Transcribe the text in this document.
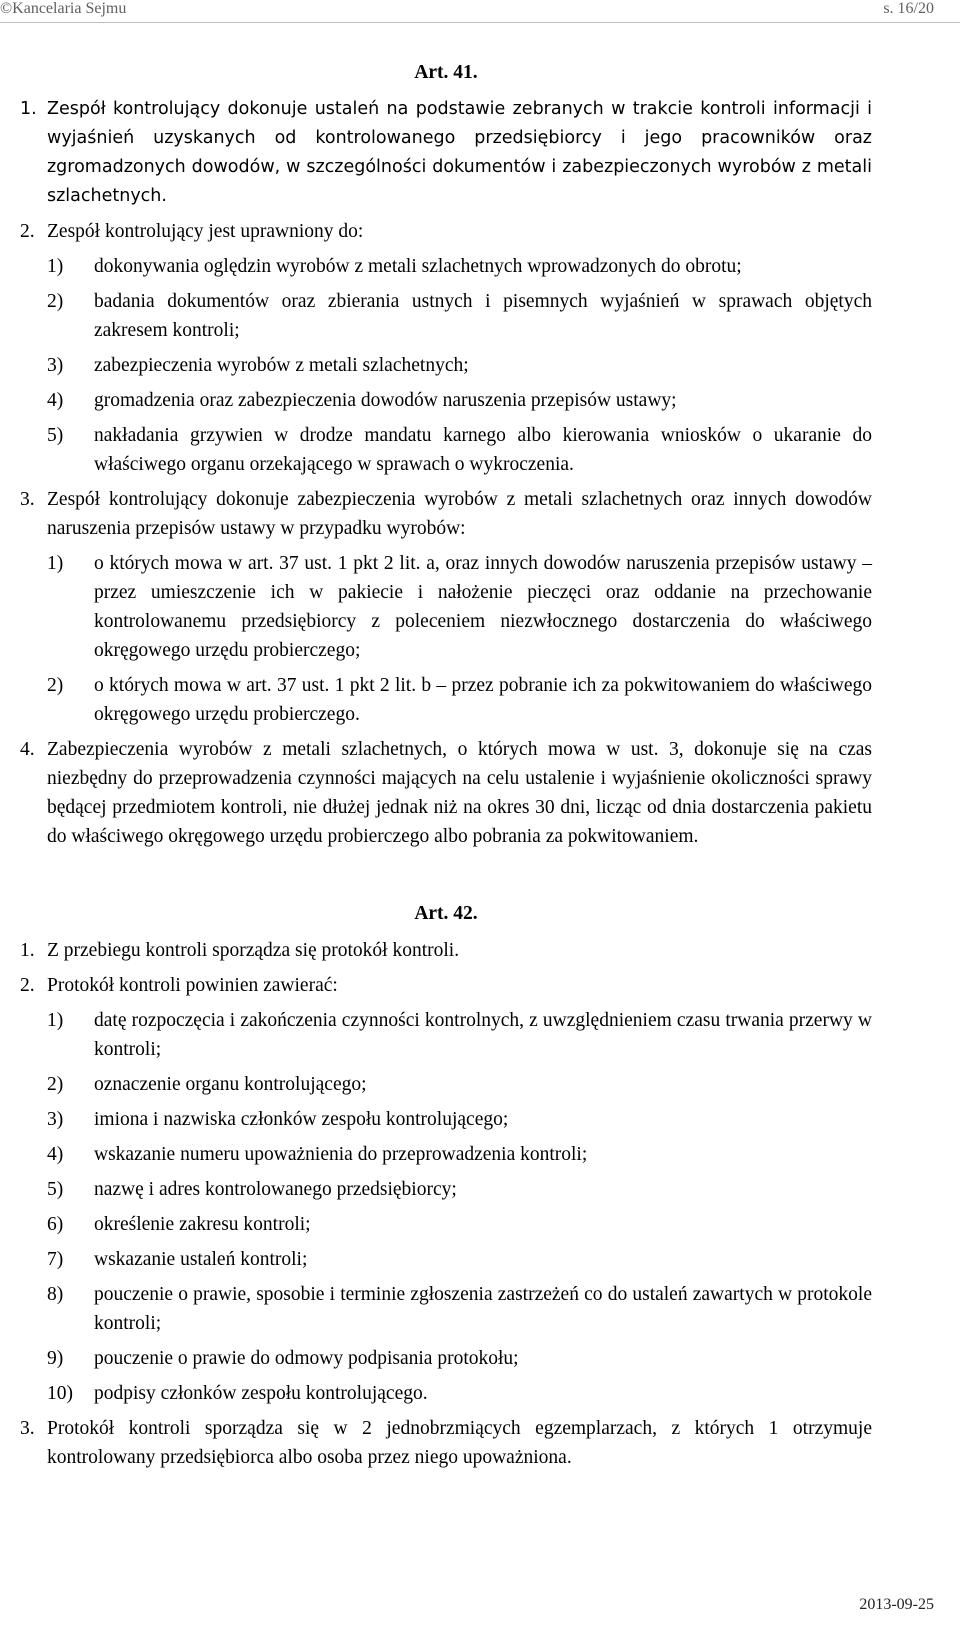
©Kancelaria Sejmu	s. 16/20
Art. 41.

1. Zespół kontrolujący dokonuje ustaleń na podstawie zebranych w trakcie kontroli informacji i wyjaśnień uzyskanych od kontrolowanego przedsiębiorcy i jego pracowników oraz zgromadzonych dowodów, w szczególności dokumentów i zabezpieczonych wyrobów z metali szlachetnych.

2. Zespół kontrolujący jest uprawniony do:

1) dokonywania oględzin wyrobów z metali szlachetnych wprowadzonych do obrotu;
2) badania dokumentów oraz zbierania ustnych i pisemnych wyjaśnień w sprawach objętych zakresem kontroli;
3) zabezpieczenia wyrobów z metali szlachetnych;
4) gromadzenia oraz zabezpieczenia dowodów naruszenia przepisów ustawy;
5) nakładania grzywien w drodze mandatu karnego albo kierowania wniosków o ukaranie do właściwego organu orzekającego w sprawach o wykroczenia.

3. Zespół kontrolujący dokonuje zabezpieczenia wyrobów z metali szlachetnych oraz innych dowodów naruszenia przepisów ustawy w przypadku wyrobów:

1) o których mowa w art. 37 ust. 1 pkt 2 lit. a, oraz innych dowodów naruszenia przepisów ustawy – przez umieszczenie ich w pakiecie i nałożenie pieczęci oraz oddanie na przechowanie kontrolowanemu przedsiębiorcy z poleceniem niezwłocznego dostarczenia do właściwego okręgowego urzędu probierczego;
2) o których mowa w art. 37 ust. 1 pkt 2 lit. b – przez pobranie ich za pokwitowaniem do właściwego okręgowego urzędu probierczego.

4. Zabezpieczenia wyrobów z metali szlachetnych, o których mowa w ust. 3, dokonuje się na czas niezbędny do przeprowadzenia czynności mających na celu ustalenie i wyjaśnienie okoliczności sprawy będącej przedmiotem kontroli, nie dłużej jednak niż na okres 30 dni, licząc od dnia dostarczenia pakietu do właściwego okręgowego urzędu probierczego albo pobrania za pokwitowaniem.

Art. 42.

1. Z przebiegu kontroli sporządza się protokół kontroli.

2. Protokół kontroli powinien zawierać:

1) datę rozpoczęcia i zakończenia czynności kontrolnych, z uwzględnieniem czasu trwania przerwy w kontroli;
2) oznaczenie organu kontrolującego;
3) imiona i nazwiska członków zespołu kontrolującego;
4) wskazanie numeru upoważnienia do przeprowadzenia kontroli;
5) nazwę i adres kontrolowanego przedsiębiorcy;
6) określenie zakresu kontroli;
7) wskazanie ustaleń kontroli;
8) pouczenie o prawie, sposobie i terminie zgłoszenia zastrzeżeń co do ustaleń zawartych w protokole kontroli;
9) pouczenie o prawie do odmowy podpisania protokołu;
10) podpisy członków zespołu kontrolującego.

3. Protokół kontroli sporządza się w 2 jednobrzmiących egzemplarzach, z których 1 otrzymuje kontrolowany przedsiębiorca albo osoba przez niego upoważniona.

2013-09-25
